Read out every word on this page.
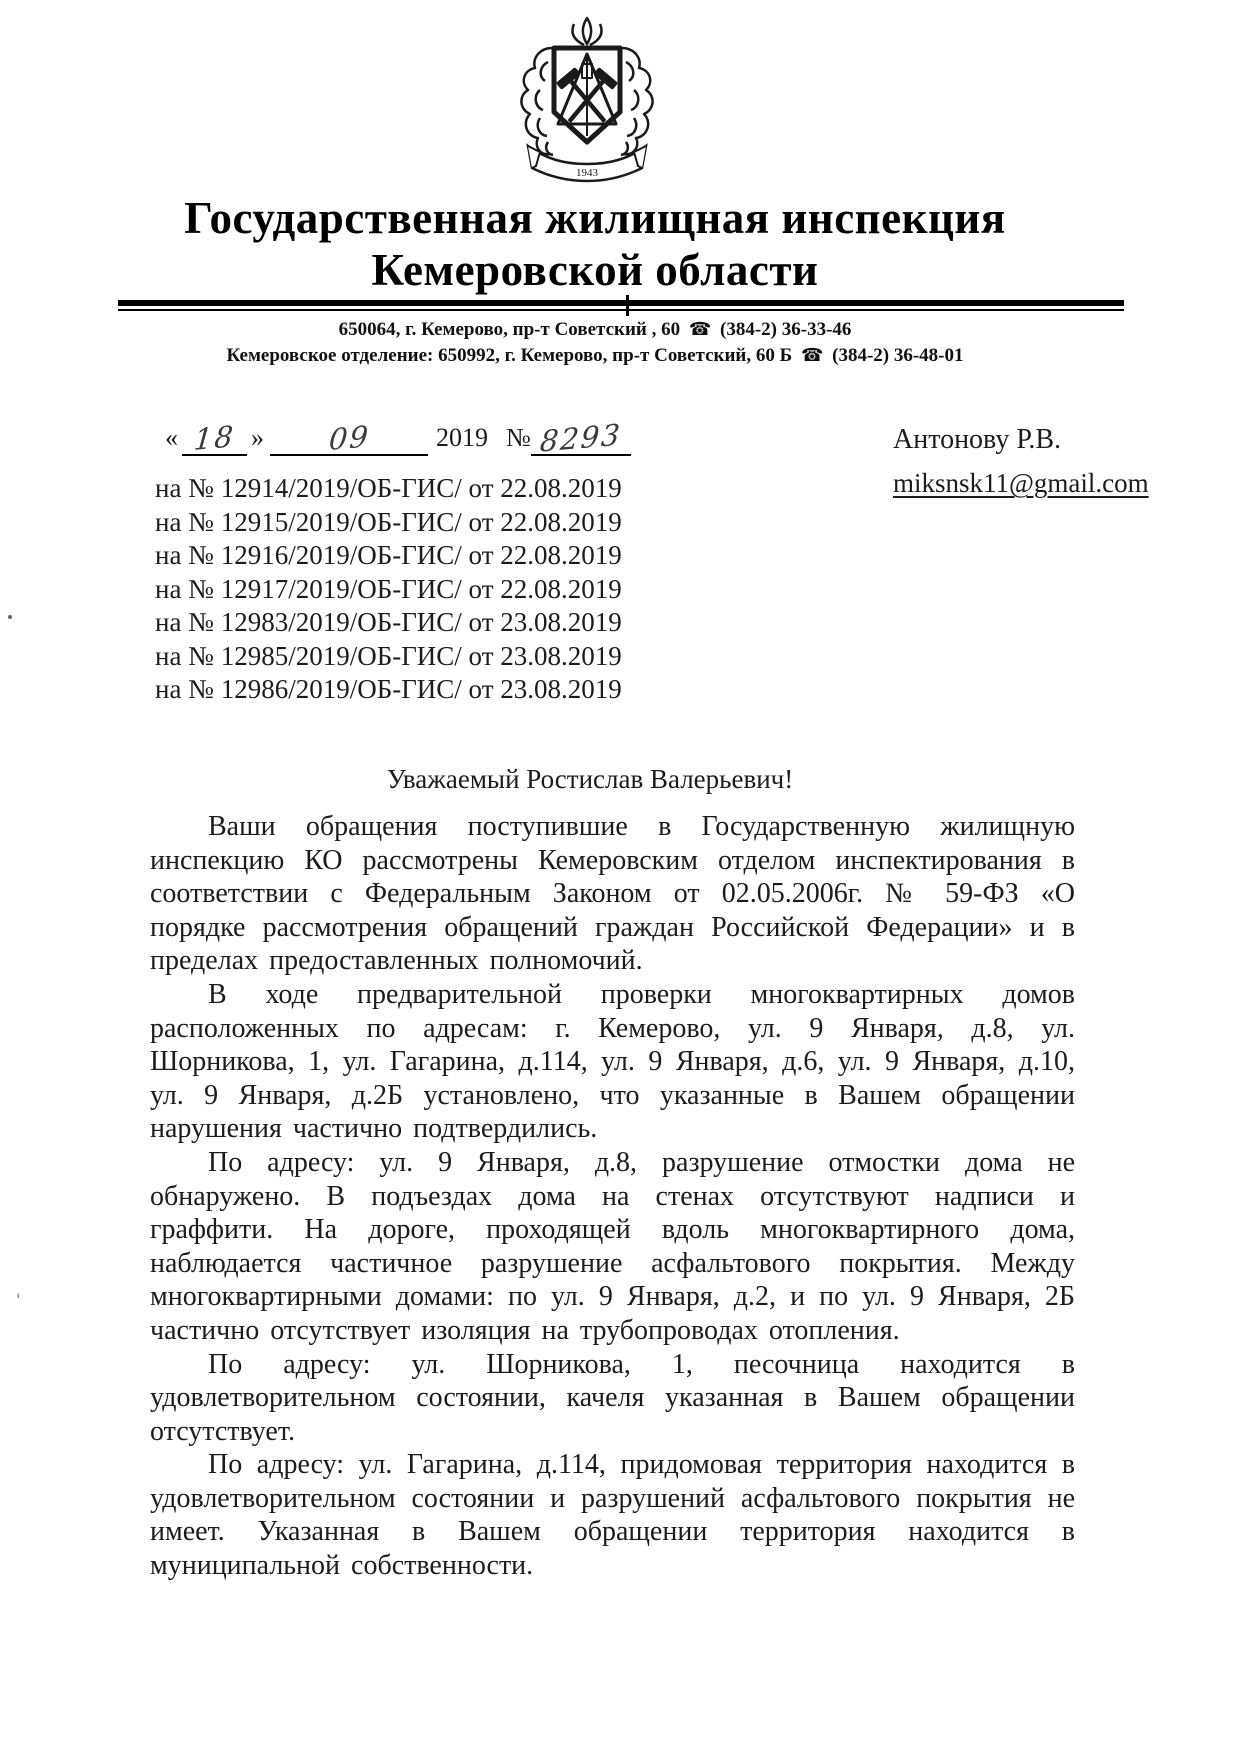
1943
Государственная жилищная инспекция
Кемеровской области
650064, г. Кемерово, пр-т Советский , 60 ☎ (384-2) 36-33-46
Кемеровское отделение: 650992, г. Кемерово, пр-т Советский, 60 Б ☎ (384-2) 36-48-01
« 18 » 09	2019 № 8293	Антонову Р.В.
miksnsk11@gmail.com
на № 12914/2019/ОБ-ГИС/ от 22.08.2019
на № 12915/2019/ОБ-ГИС/ от 22.08.2019
на № 12916/2019/ОБ-ГИС/ от 22.08.2019
на № 12917/2019/ОБ-ГИС/ от 22.08.2019
на № 12983/2019/ОБ-ГИС/ от 23.08.2019
на № 12985/2019/ОБ-ГИС/ от 23.08.2019
на № 12986/2019/ОБ-ГИС/ от 23.08.2019
Уважаемый Ростислав Валерьевич!

Ваши обращения поступившие в Государственную жилищную инспекцию КО рассмотрены Кемеровским отделом инспектирования в соответствии с Федеральным Законом от 02.05.2006г. № 59-ФЗ «О порядке рассмотрения обращений граждан Российской Федерации» и в пределах предоставленных полномочий.

В ходе предварительной проверки многоквартирных домов расположенных по адресам: г. Кемерово, ул. 9 Января, д.8, ул. Шорникова, 1, ул. Гагарина, д.114, ул. 9 Января, д.6, ул. 9 Января, д.10, ул. 9 Января, д.2Б установлено, что указанные в Вашем обращении нарушения частично подтвердились.

По адресу: ул. 9 Января, д.8, разрушение отмостки дома не обнаружено. В подъездах дома на стенах отсутствуют надписи и граффити. На дороге, проходящей вдоль многоквартирного дома, наблюдается частичное разрушение асфальтового покрытия. Между многоквартирными домами: по ул. 9 Января, д.2, и по ул. 9 Января, 2Б частично отсутствует изоляция на трубопроводах отопления.

По адресу: ул. Шорникова, 1, песочница находится в удовлетворительном состоянии, качеля указанная в Вашем обращении отсутствует.

По адресу: ул. Гагарина, д.114, придомовая территория находится в удовлетворительном состоянии и разрушений асфальтового покрытия не имеет. Указанная в Вашем обращении территория находится в муниципальной собственности.

'
